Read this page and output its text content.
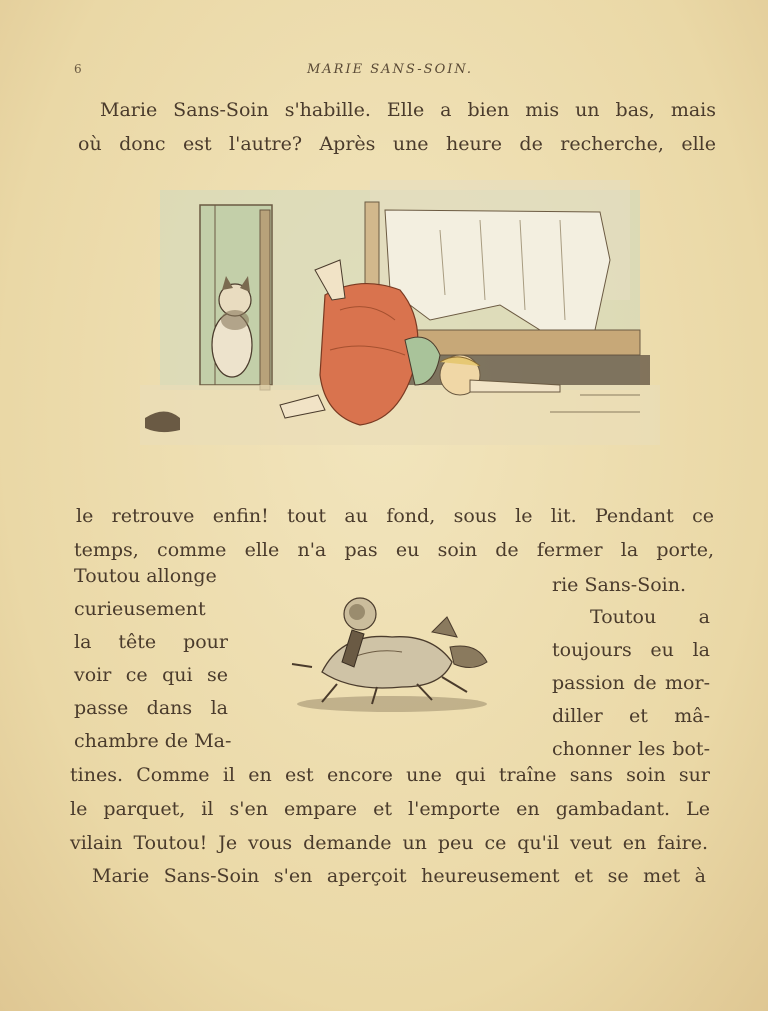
6	MARIE SANS-SOIN.
Marie Sans-Soin s'habille. Elle a bien mis un bas, mais
où donc est l'autre? Après une heure de recherche, elle
le retrouve enfin! tout au fond, sous le lit. Pendant ce
temps, comme elle n'a pas eu soin de fermer la porte,
Toutou allonge
curieusement
la tête pour
voir ce qui se
passe dans la
chambre de Ma-
rie Sans-Soin.
Toutou a
toujours eu la
passion de mor-
diller et mâ-
chonner les bot-
tines. Comme il en est encore une qui traîne sans soin sur
le parquet, il s'en empare et l'emporte en gambadant. Le
vilain Toutou! Je vous demande un peu ce qu'il veut en faire.
Marie Sans-Soin s'en aperçoit heureusement et se met à
